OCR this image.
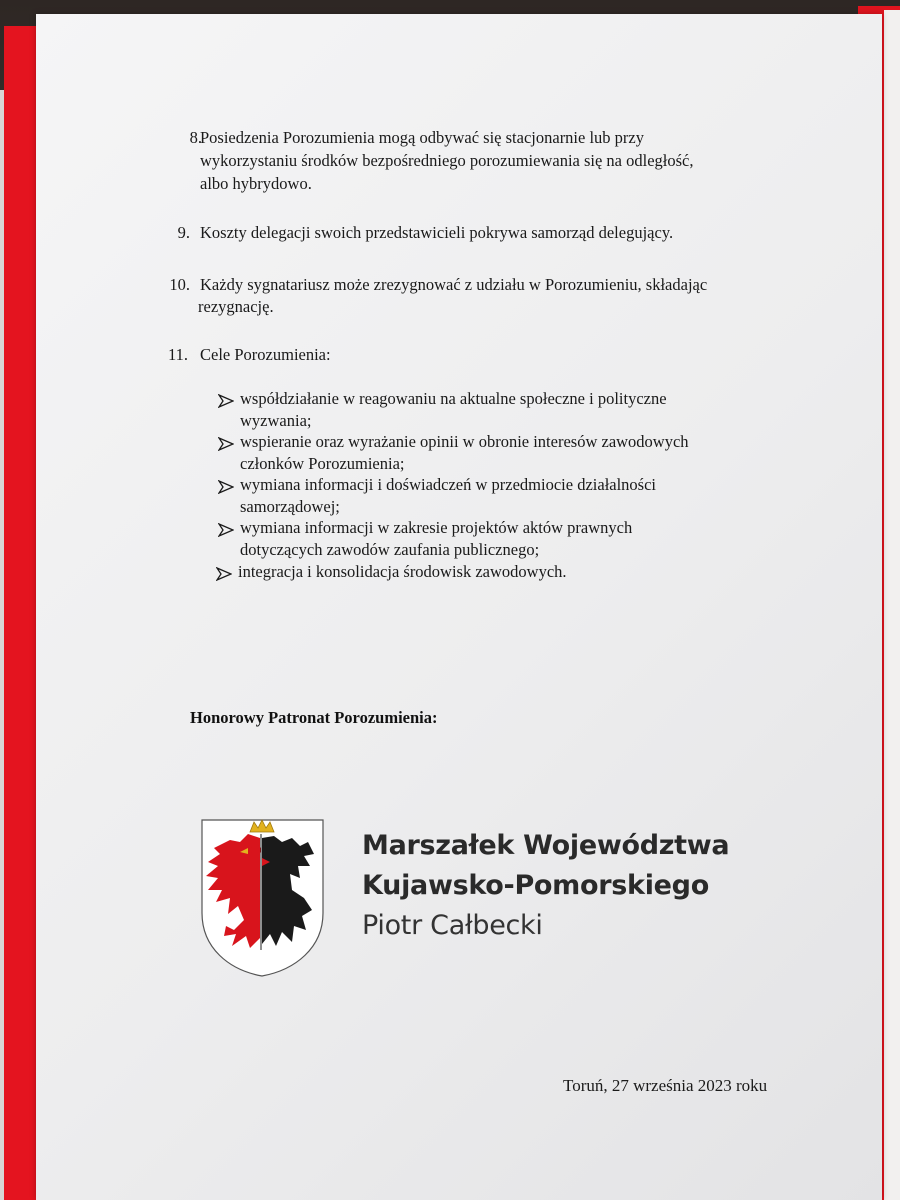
8.
Posiedzenia Porozumienia mogą odbywać się stacjonarnie lub przy
wykorzystaniu środków bezpośredniego porozumiewania się na odległość,
albo hybrydowo.
9. Koszty delegacji swoich przedstawicieli pokrywa samorząd delegujący.
10. Każdy sygnatariusz może zrezygnować z udziału w Porozumieniu, składając
rezygnację.
11. Cele Porozumienia:
współdziałanie w reagowaniu na aktualne społeczne i polityczne
wyzwania;
wspieranie oraz wyrażanie opinii w obronie interesów zawodowych
członków Porozumienia;
wymiana informacji i doświadczeń w przedmiocie działalności
samorządowej;
wymiana informacji w zakresie projektów aktów prawnych
dotyczących zawodów zaufania publicznego;
integracja i konsolidacja środowisk zawodowych.
Honorowy Patronat Porozumienia:
Marszałek Województwa
Kujawsko-Pomorskiego
Piotr Całbecki
Toruń, 27 września 2023 roku
